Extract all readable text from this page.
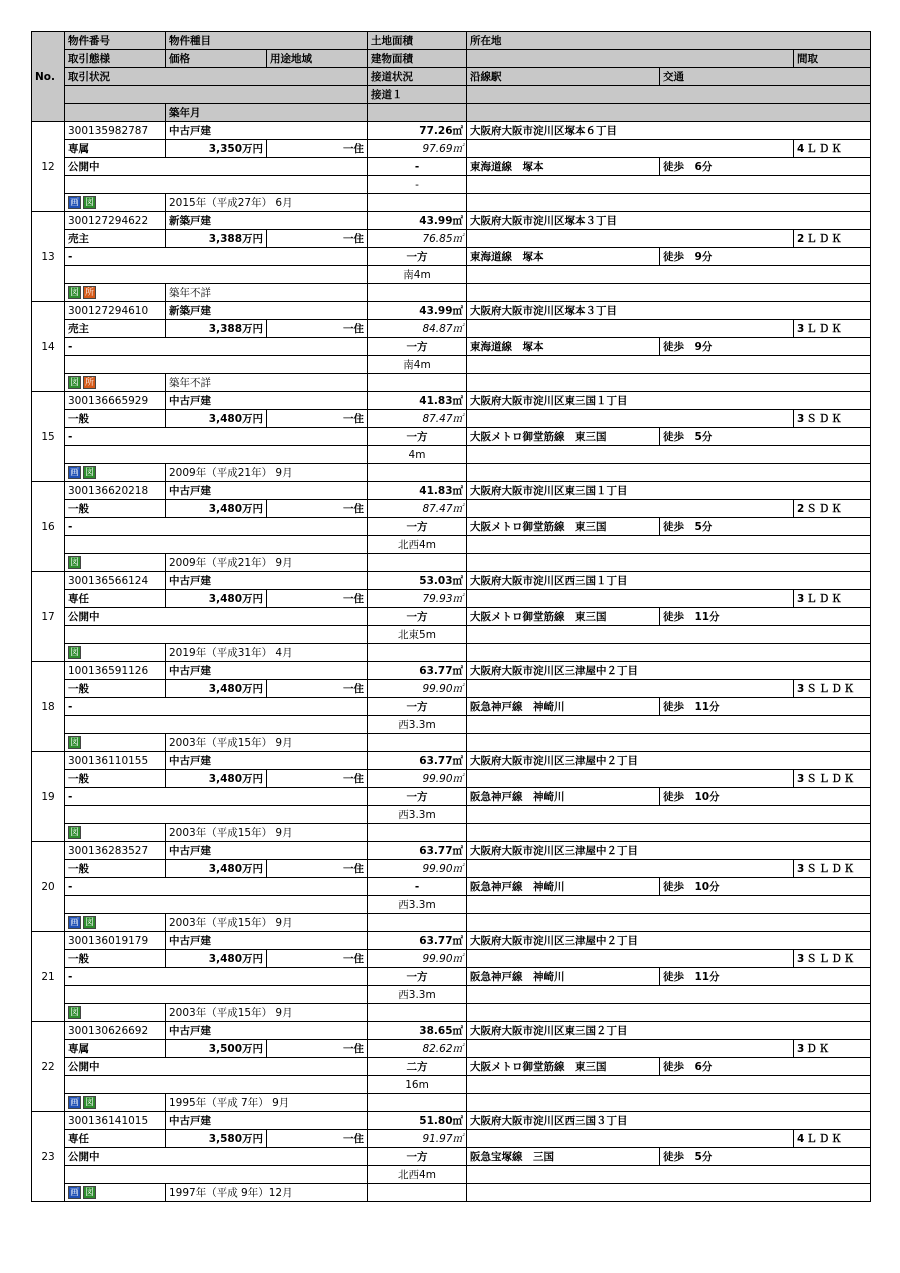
No.	物件番号	物件種目		土地面積	所在地		
	取引態様	価格	用途地域	建物面積			間取
	取引状況			接道状況	沿線駅	交通	
				接道１			
		築年月					
12	300135982787	中古戸建		77.26㎡	大阪府大阪市淀川区塚本６丁目		
	専属	3,350万円	一住	97.69㎡			4ＬＤＫ
	公開中			-	東海道線　塚本	徒歩　6分	
				-			
	画 図	2015年（平成27年） 6月					
13	300127294622	新築戸建		43.99㎡	大阪府大阪市淀川区塚本３丁目		
	売主	3,388万円	一住	76.85㎡			2ＬＤＫ
	-			一方	東海道線　塚本	徒歩　9分	
				南4m			
	図 所	築年不詳					
14	300127294610	新築戸建		43.99㎡	大阪府大阪市淀川区塚本３丁目		
	売主	3,388万円	一住	84.87㎡			3ＬＤＫ
	-			一方	東海道線　塚本	徒歩　9分	
				南4m			
	図 所	築年不詳					
15	300136665929	中古戸建		41.83㎡	大阪府大阪市淀川区東三国１丁目		
	一般	3,480万円	一住	87.47㎡			3ＳＤＫ
	-			一方	大阪メトロ御堂筋線　東三国	徒歩　5分	
				4m			
	画 図	2009年（平成21年） 9月					
16	300136620218	中古戸建		41.83㎡	大阪府大阪市淀川区東三国１丁目		
	一般	3,480万円	一住	87.47㎡			2ＳＤＫ
	-			一方	大阪メトロ御堂筋線　東三国	徒歩　5分	
				北西4m			
	図	2009年（平成21年） 9月					
17	300136566124	中古戸建		53.03㎡	大阪府大阪市淀川区西三国１丁目		
	専任	3,480万円	一住	79.93㎡			3ＬＤＫ
	公開中			一方	大阪メトロ御堂筋線　東三国	徒歩　11分	
				北東5m			
	図	2019年（平成31年） 4月					
18	100136591126	中古戸建		63.77㎡	大阪府大阪市淀川区三津屋中２丁目		
	一般	3,480万円	一住	99.90㎡			3ＳＬＤＫ
	-			一方	阪急神戸線　神崎川	徒歩　11分	
				西3.3m			
	図	2003年（平成15年） 9月					
19	300136110155	中古戸建		63.77㎡	大阪府大阪市淀川区三津屋中２丁目		
	一般	3,480万円	一住	99.90㎡			3ＳＬＤＫ
	-			一方	阪急神戸線　神崎川	徒歩　10分	
				西3.3m			
	図	2003年（平成15年） 9月					
20	300136283527	中古戸建		63.77㎡	大阪府大阪市淀川区三津屋中２丁目		
	一般	3,480万円	一住	99.90㎡			3ＳＬＤＫ
	-			-	阪急神戸線　神崎川	徒歩　10分	
				西3.3m			
	画 図	2003年（平成15年） 9月					
21	300136019179	中古戸建		63.77㎡	大阪府大阪市淀川区三津屋中２丁目		
	一般	3,480万円	一住	99.90㎡			3ＳＬＤＫ
	-			一方	阪急神戸線　神崎川	徒歩　11分	
				西3.3m			
	図	2003年（平成15年） 9月					
22	300130626692	中古戸建		38.65㎡	大阪府大阪市淀川区東三国２丁目		
	専属	3,500万円	一住	82.62㎡			3ＤＫ
	公開中			二方	大阪メトロ御堂筋線　東三国	徒歩　6分	
				16m			
	画 図	1995年（平成 7年） 9月					
23	300136141015	中古戸建		51.80㎡	大阪府大阪市淀川区西三国３丁目		
	専任	3,580万円	一住	91.97㎡			4ＬＤＫ
	公開中			一方	阪急宝塚線　三国	徒歩　5分	
				北西4m			
	画 図	1997年（平成 9年）12月					
